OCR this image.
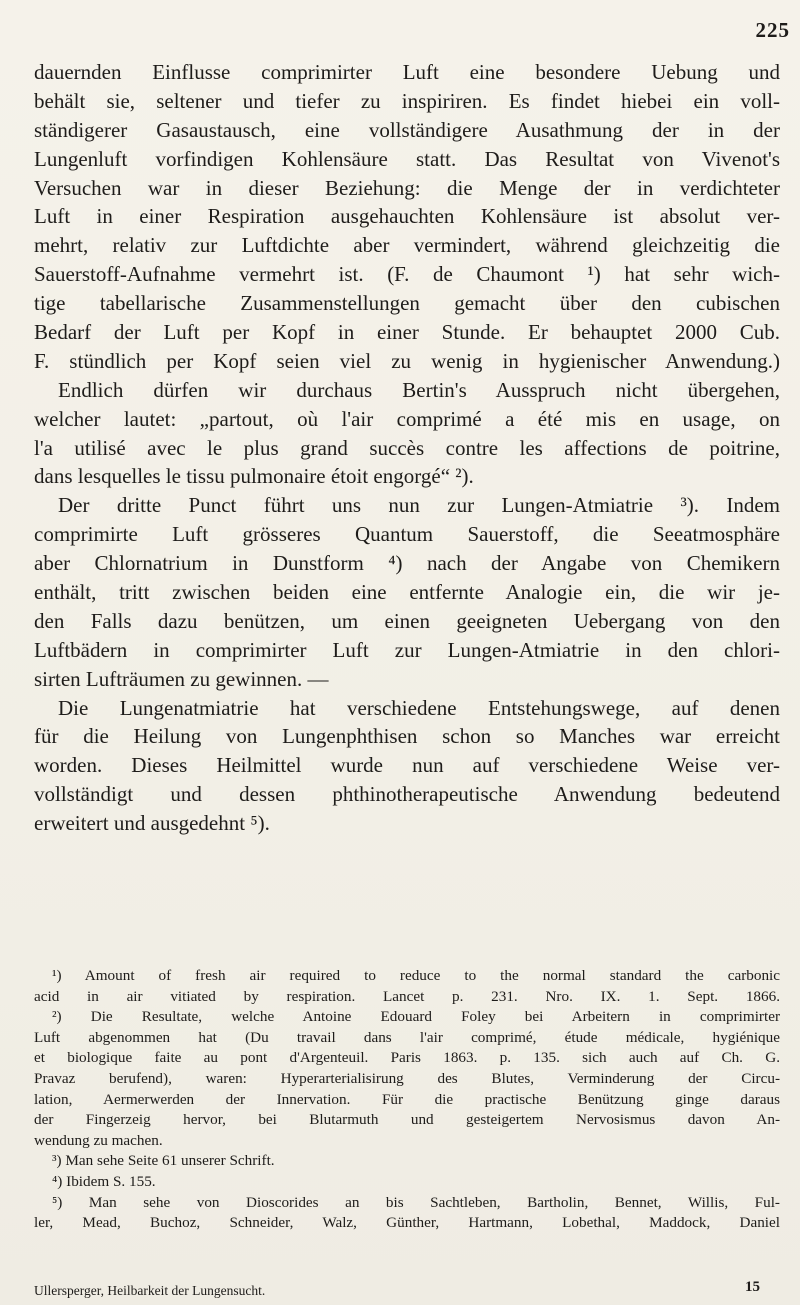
225
dauernden Einflusse comprimirter Luft eine besondere Uebung und
behält sie, seltener und tiefer zu inspiriren. Es findet hiebei ein voll-
ständigerer Gasaustausch, eine vollständigere Ausathmung der in der
Lungenluft vorfindigen Kohlensäure statt. Das Resultat von Vivenot's
Versuchen war in dieser Beziehung: die Menge der in verdichteter
Luft in einer Respiration ausgehauchten Kohlensäure ist absolut ver-
mehrt, relativ zur Luftdichte aber vermindert, während gleichzeitig die
Sauerstoff-Aufnahme vermehrt ist. (F. de Chaumont ¹) hat sehr wich-
tige tabellarische Zusammenstellungen gemacht über den cubischen
Bedarf der Luft per Kopf in einer Stunde. Er behauptet 2000 Cub.
F. stündlich per Kopf seien viel zu wenig in hygienischer Anwendung.)
Endlich dürfen wir durchaus Bertin's Ausspruch nicht übergehen,
welcher lautet: „partout, où l'air comprimé a été mis en usage, on
l'a utilisé avec le plus grand succès contre les affections de poitrine,
dans lesquelles le tissu pulmonaire étoit engorgé“ ²).
Der dritte Punct führt uns nun zur Lungen-Atmiatrie ³). Indem
comprimirte Luft grösseres Quantum Sauerstoff, die Seeatmosphäre
aber Chlornatrium in Dunstform ⁴) nach der Angabe von Chemikern
enthält, tritt zwischen beiden eine entfernte Analogie ein, die wir je-
den Falls dazu benützen, um einen geeigneten Uebergang von den
Luftbädern in comprimirter Luft zur Lungen-Atmiatrie in den chlori-
sirten Lufträumen zu gewinnen. —
Die Lungenatmiatrie hat verschiedene Entstehungswege, auf denen
für die Heilung von Lungenphthisen schon so Manches war erreicht
worden. Dieses Heilmittel wurde nun auf verschiedene Weise ver-
vollständigt und dessen phthinotherapeutische Anwendung bedeutend
erweitert und ausgedehnt ⁵).
¹) Amount of fresh air required to reduce to the normal standard the carbonic
acid in air vitiated by respiration. Lancet p. 231. Nro. IX. 1. Sept. 1866.
²) Die Resultate, welche Antoine Edouard Foley bei Arbeitern in comprimirter
Luft abgenommen hat (Du travail dans l'air comprimé, étude médicale, hygiénique
et biologique faite au pont d'Argenteuil. Paris 1863. p. 135. sich auch auf Ch. G.
Pravaz berufend), waren: Hyperarterialisirung des Blutes, Verminderung der Circu-
lation, Aermerwerden der Innervation. Für die practische Benützung ginge daraus
der Fingerzeig hervor, bei Blutarmuth und gesteigertem Nervosismus davon An-
wendung zu machen.
³) Man sehe Seite 61 unserer Schrift.
⁴) Ibidem S. 155.
⁵) Man sehe von Dioscorides an bis Sachtleben, Bartholin, Bennet, Willis, Ful-
ler, Mead, Buchoz, Schneider, Walz, Günther, Hartmann, Lobethal, Maddock, Daniel
Ullersperger, Heilbarkeit der Lungensucht.	15
